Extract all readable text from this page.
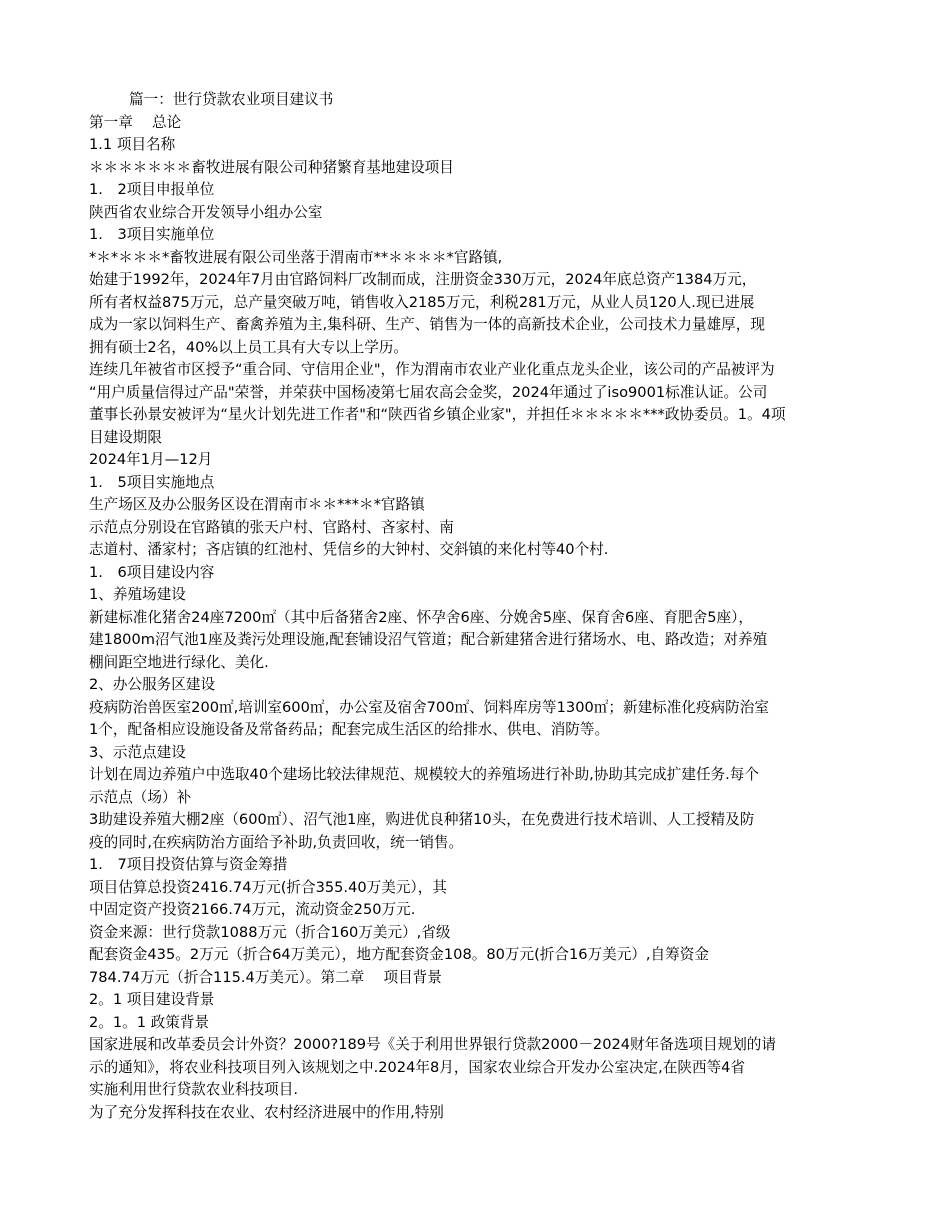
篇一：世行贷款农业项目建议书
第一章　 总论
1.1 项目名称
＊＊＊＊＊＊＊畜牧进展有限公司种猪繁育基地建设项目
1.　2项目申报单位
陕西省农业综合开发领导小组办公室
1.　3项目实施单位
*＊*＊＊＊*畜牧进展有限公司坐落于渭南市**＊＊＊＊*官路镇,
始建于1992年，2024年7月由官路饲料厂改制而成，注册资金330万元，2024年底总资产1384万元，
所有者权益875万元，总产量突破万吨，销售收入2185万元，利税281万元，从业人员120人.现已进展
成为一家以饲料生产、畜禽养殖为主,集科研、生产、销售为一体的高新技术企业，公司技术力量雄厚，现
拥有硕士2名，40%以上员工具有大专以上学历。
连续几年被省市区授予“重合同、守信用企业"，作为渭南市农业产业化重点龙头企业，该公司的产品被评为
“用户质量信得过产品"荣誉，并荣获中国杨凌第七届农高会金奖，2024年通过了iso9001标准认证。公司
董事长孙景安被评为“星火计划先进工作者"和“陕西省乡镇企业家"，并担任＊＊＊＊＊***政协委员。1。4项
目建设期限
2024年1月—12月
1.　5项目实施地点
生产场区及办公服务区设在渭南市＊＊***＊*官路镇
示范点分别设在官路镇的张天户村、官路村、吝家村、南
志道村、潘家村；吝店镇的红池村、凭信乡的大钟村、交斜镇的来化村等40个村.
1.　6项目建设内容
1、养殖场建设
新建标准化猪舍24座7200㎡（其中后备猪舍2座、怀孕舍6座、分娩舍5座、保育舍6座、育肥舍5座），
建1800m沼气池1座及粪污处理设施,配套铺设沼气管道；配合新建猪舍进行猪场水、电、路改造；对养殖
棚间距空地进行绿化、美化.
2、办公服务区建设
疫病防治兽医室200㎡,培训室600㎡，办公室及宿舍700㎡、饲料库房等1300㎡；新建标准化疫病防治室
1个，配备相应设施设备及常备药品；配套完成生活区的给排水、供电、消防等。
3、示范点建设
计划在周边养殖户中选取40个建场比较法律规范、规模较大的养殖场进行补助,协助其完成扩建任务.每个
示范点（场）补
3助建设养殖大棚2座（600㎡）、沼气池1座，购进优良种猪10头，在免费进行技术培训、人工授精及防
疫的同时,在疾病防治方面给予补助,负责回收，统一销售。
1.　7项目投资估算与资金筹措
项目估算总投资2416.74万元(折合355.40万美元），其
中固定资产投资2166.74万元，流动资金250万元.
资金来源：世行贷款1088万元（折合160万美元）,省级
配套资金435。2万元（折合64万美元），地方配套资金108。80万元(折合16万美元）,自筹资金
784.74万元（折合115.4万美元）。第二章　 项目背景
2。1 项目建设背景
2。1。1 政策背景
国家进展和改革委员会计外资？2000?189号《关于利用世界银行贷款2000－2024财年备选项目规划的请
示的通知》，将农业科技项目列入该规划之中.2024年8月，国家农业综合开发办公室决定,在陕西等4省
实施利用世行贷款农业科技项目.
为了充分发挥科技在农业、农村经济进展中的作用,特别
